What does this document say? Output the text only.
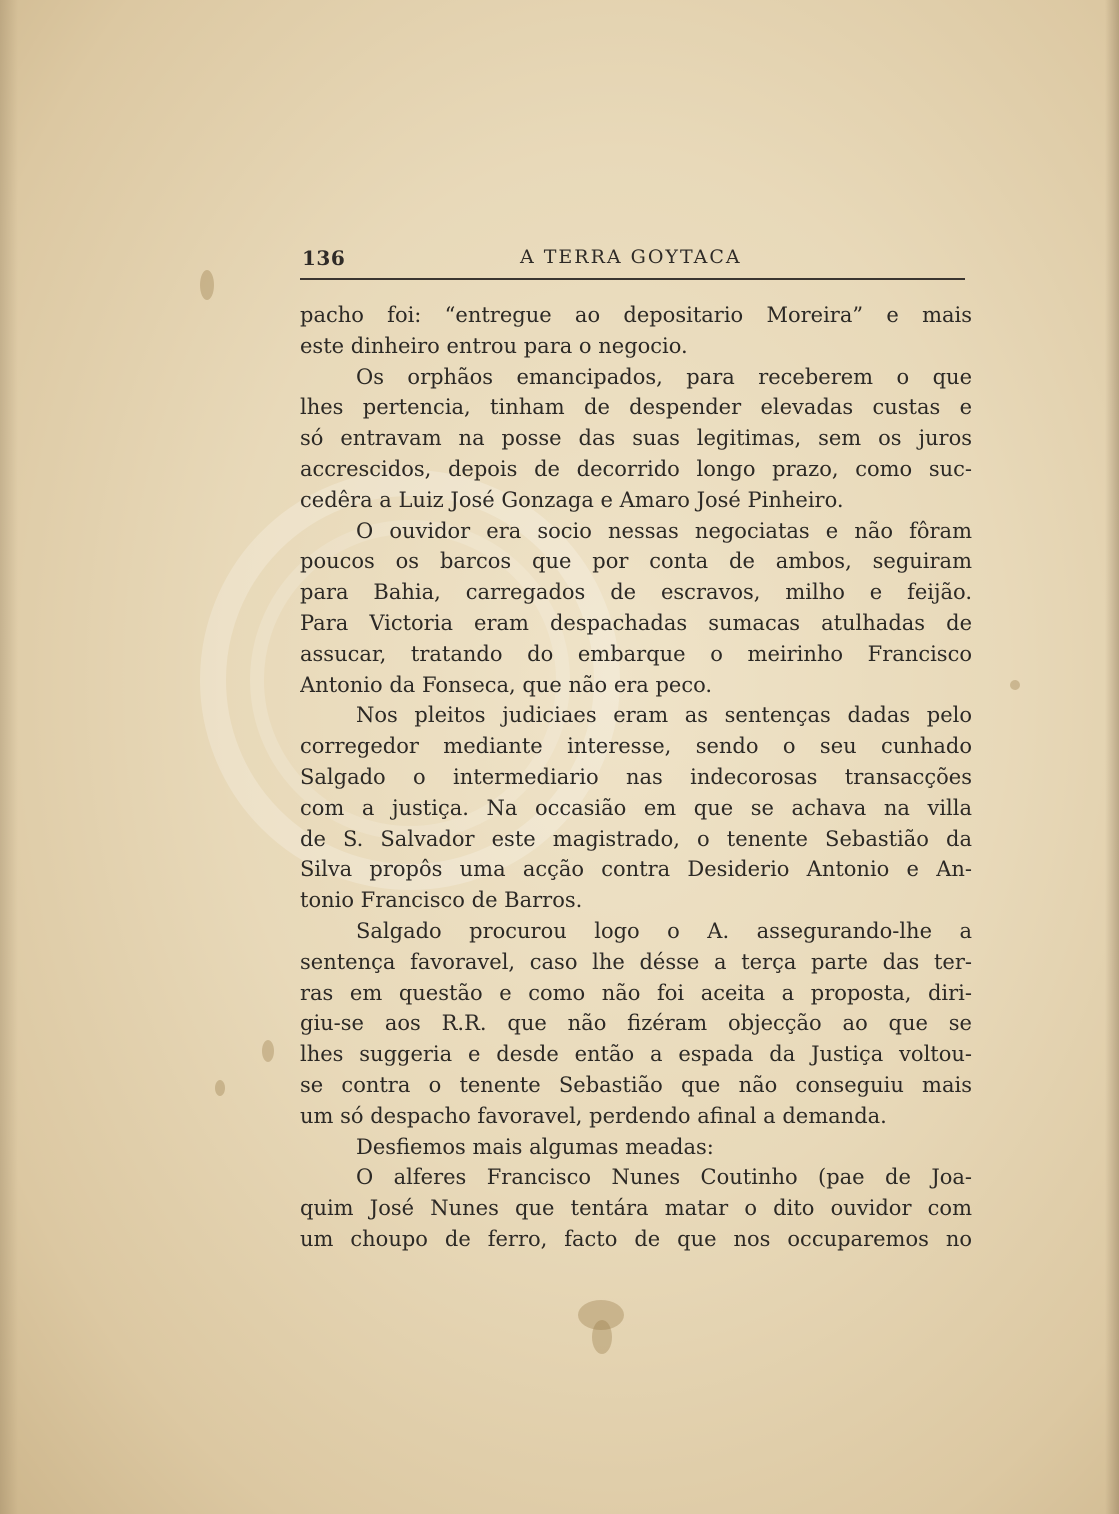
136	A TERRA GOYTACA
pacho foi: “entregue ao depositario Moreira” e mais
este dinheiro entrou para o negocio.
Os orphãos emancipados, para receberem o que
lhes pertencia, tinham de despender elevadas custas e
só entravam na posse das suas legitimas, sem os juros
accrescidos, depois de decorrido longo prazo, como suc-
cedêra a Luiz José Gonzaga e Amaro José Pinheiro.
O ouvidor era socio nessas negociatas e não fôram
poucos os barcos que por conta de ambos, seguiram
para Bahia, carregados de escravos, milho e feijão.
Para Victoria eram despachadas sumacas atulhadas de
assucar, tratando do embarque o meirinho Francisco
Antonio da Fonseca, que não era peco.
Nos pleitos judiciaes eram as sentenças dadas pelo
corregedor mediante interesse, sendo o seu cunhado
Salgado o intermediario nas indecorosas transacções
com a justiça. Na occasião em que se achava na villa
de S. Salvador este magistrado, o tenente Sebastião da
Silva propôs uma acção contra Desiderio Antonio e An-
tonio Francisco de Barros.
Salgado procurou logo o A. assegurando-lhe a
sentença favoravel, caso lhe désse a terça parte das ter-
ras em questão e como não foi aceita a proposta, diri-
giu-se aos R.R. que não fizéram objecção ao que se
lhes suggeria e desde então a espada da Justiça voltou-
se contra o tenente Sebastião que não conseguiu mais
um só despacho favoravel, perdendo afinal a demanda.
Desfiemos mais algumas meadas:
O alferes Francisco Nunes Coutinho (pae de Joa-
quim José Nunes que tentára matar o dito ouvidor com
um choupo de ferro, facto de que nos occuparemos no
